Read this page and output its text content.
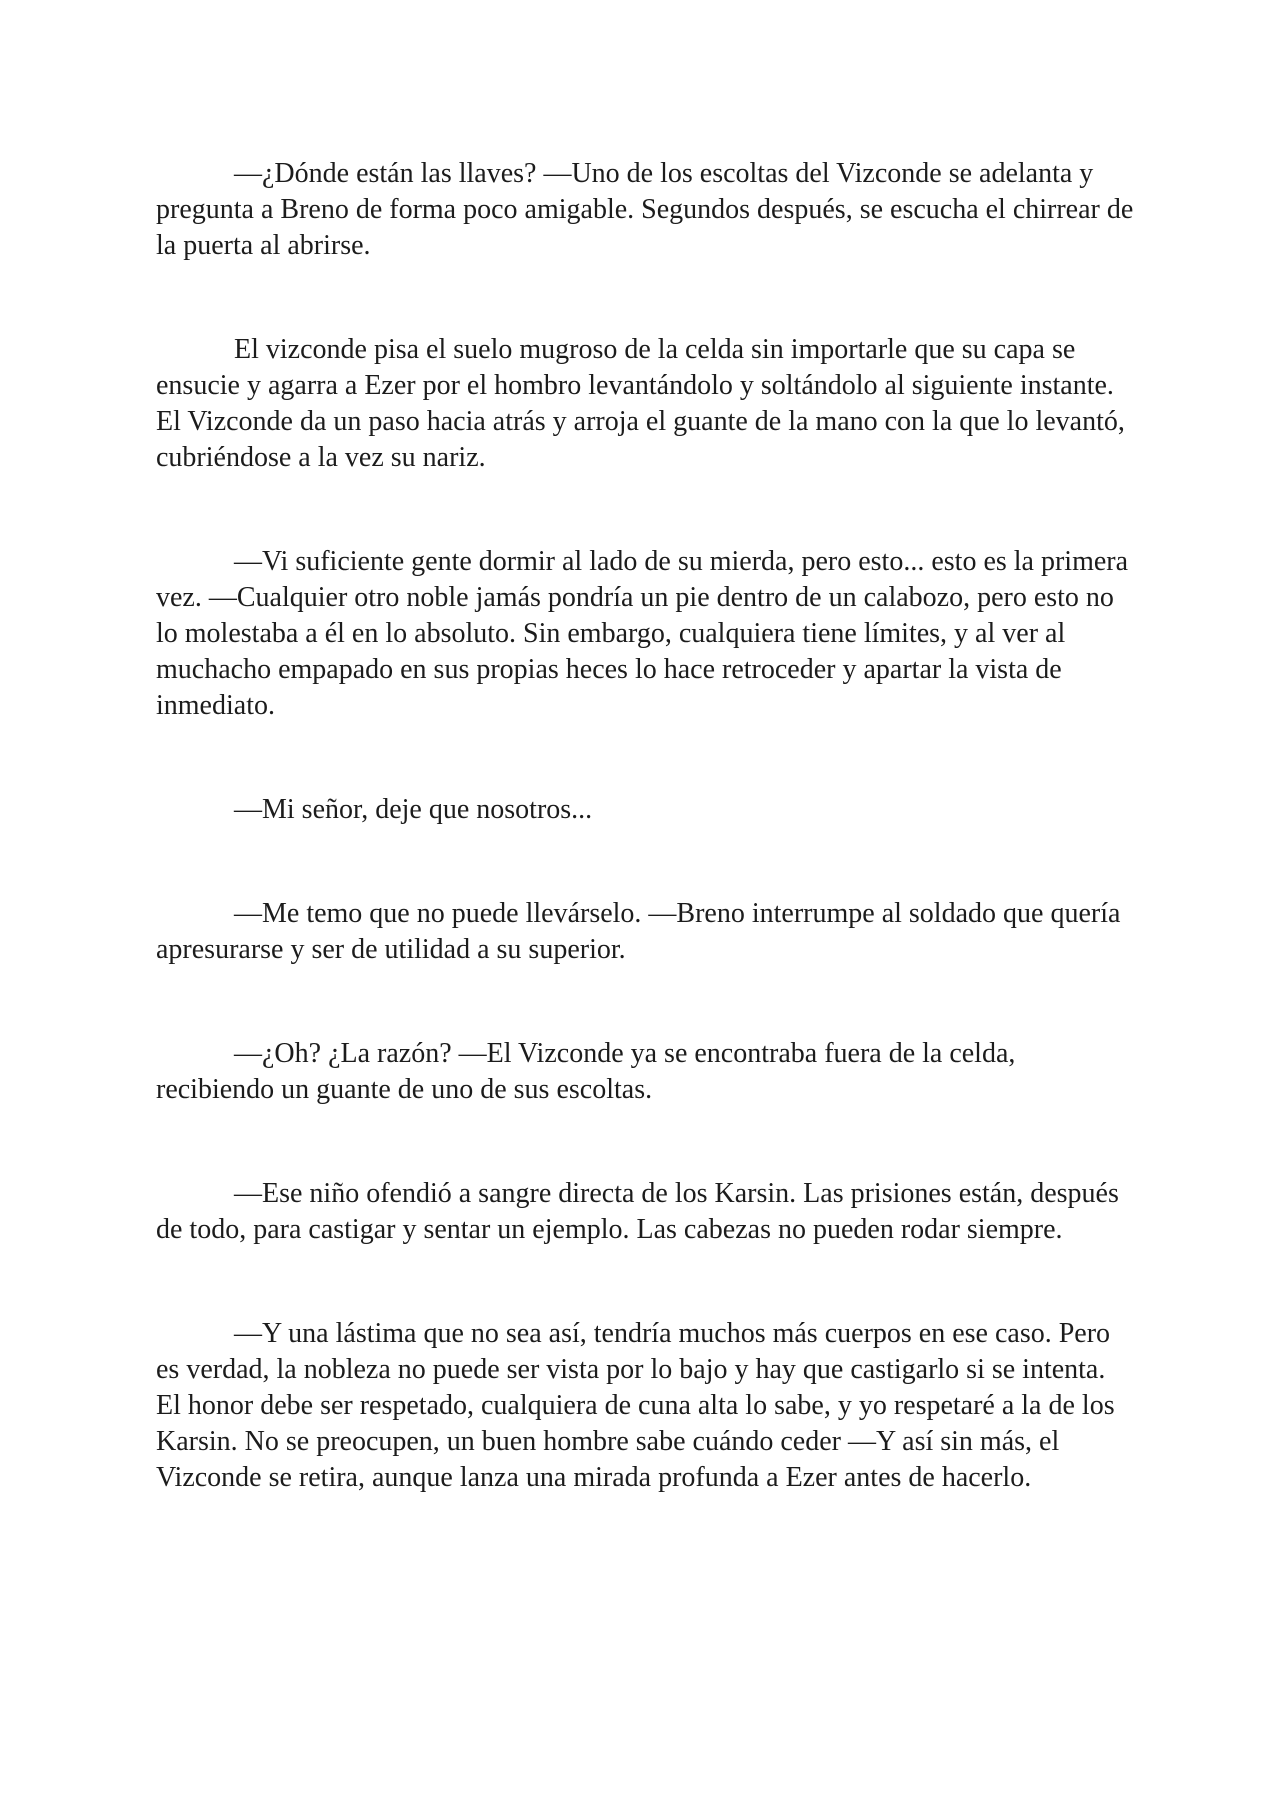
—¿Dónde están las llaves? —Uno de los escoltas del Vizconde se adelanta y pregunta a Breno de forma poco amigable. Segundos después, se escucha el chirrear de la puerta al abrirse.

El vizconde pisa el suelo mugroso de la celda sin importarle que su capa se ensucie y agarra a Ezer por el hombro levantándolo y soltándolo al siguiente instante. El Vizconde da un paso hacia atrás y arroja el guante de la mano con la que lo levantó, cubriéndose a la vez su nariz.

—Vi suficiente gente dormir al lado de su mierda, pero esto... esto es la primera vez. —Cualquier otro noble jamás pondría un pie dentro de un calabozo, pero esto no lo molestaba a él en lo absoluto. Sin embargo, cualquiera tiene límites, y al ver al muchacho empapado en sus propias heces lo hace retroceder y apartar la vista de inmediato.

—Mi señor, deje que nosotros...

—Me temo que no puede llevárselo. —Breno interrumpe al soldado que quería apresurarse y ser de utilidad a su superior.

—¿Oh? ¿La razón? —El Vizconde ya se encontraba fuera de la celda, recibiendo un guante de uno de sus escoltas.

—Ese niño ofendió a sangre directa de los Karsin. Las prisiones están, después de todo, para castigar y sentar un ejemplo. Las cabezas no pueden rodar siempre.

—Y una lástima que no sea así, tendría muchos más cuerpos en ese caso. Pero es verdad, la nobleza no puede ser vista por lo bajo y hay que castigarlo si se intenta. El honor debe ser respetado, cualquiera de cuna alta lo sabe, y yo respetaré a la de los Karsin. No se preocupen, un buen hombre sabe cuándo ceder —Y así sin más, el Vizconde se retira, aunque lanza una mirada profunda a Ezer antes de hacerlo.
